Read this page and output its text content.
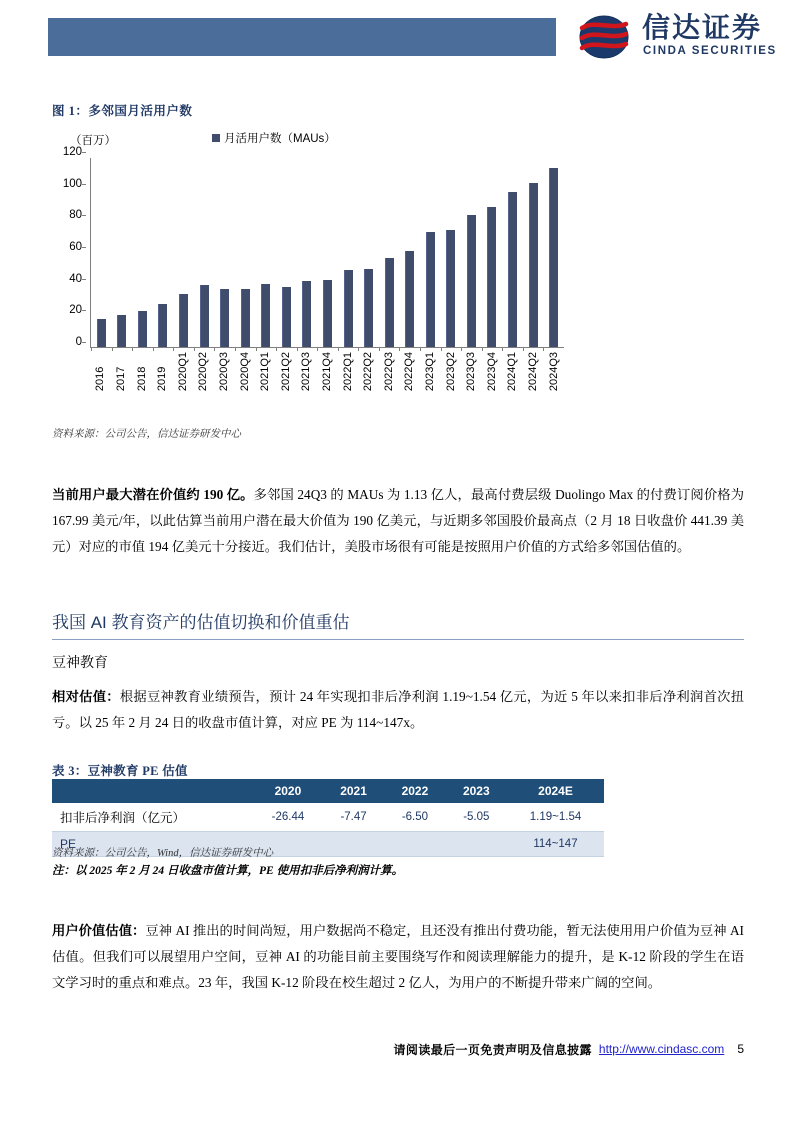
信达证券
CINDA SECURITIES
图 1：多邻国月活用户数
（百万）	月活用户数（MAUs）
0
20
40
60
80
100
120
2016 2017 2018 2019 2020Q1 2020Q2 2020Q3 2020Q4 2021Q1 2021Q2 2021Q3 2021Q4 2022Q1 2022Q2 2022Q3 2022Q4 2023Q1 2023Q2 2023Q3 2023Q4 2024Q1 2024Q2 2024Q3
资料来源：公司公告，信达证券研发中心
当前用户最大潜在价值约 190 亿。多邻国 24Q3 的 MAUs 为 1.13 亿人，最高付费层级 Duolingo Max 的付费订阅价格为 167.99 美元/年，以此估算当前用户潜在最大价值为 190 亿美元，与近期多邻国股价最高点（2 月 18 日收盘价 441.39 美元）对应的市值 194 亿美元十分接近。我们估计，美股市场很有可能是按照用户价值的方式给多邻国估值的。
我国 AI 教育资产的估值切换和价值重估
豆神教育
相对估值：根据豆神教育业绩预告，预计 24 年实现扣非后净利润 1.19~1.54 亿元，为近 5 年以来扣非后净利润首次扭亏。以 25 年 2 月 24 日的收盘市值计算，对应 PE 为 114~147x。
表 3：豆神教育 PE 估值
	2020	2021	2022	2023	2024E
扣非后净利润（亿元）	-26.44	-7.47	-6.50	-5.05	1.19~1.54
PE					114~147
资料来源：公司公告，Wind，信达证券研发中心
注：以 2025 年 2 月 24 日收盘市值计算，PE 使用扣非后净利润计算。
用户价值估值：豆神 AI 推出的时间尚短，用户数据尚不稳定，且还没有推出付费功能，暂无法使用用户价值为豆神 AI 估值。但我们可以展望用户空间，豆神 AI 的功能目前主要围绕写作和阅读理解能力的提升，是 K-12 阶段的学生在语文学习时的重点和难点。23 年，我国 K-12 阶段在校生超过 2 亿人，为用户的不断提升带来广阔的空间。
请阅读最后一页免责声明及信息披露 http://www.cindasc.com 5
